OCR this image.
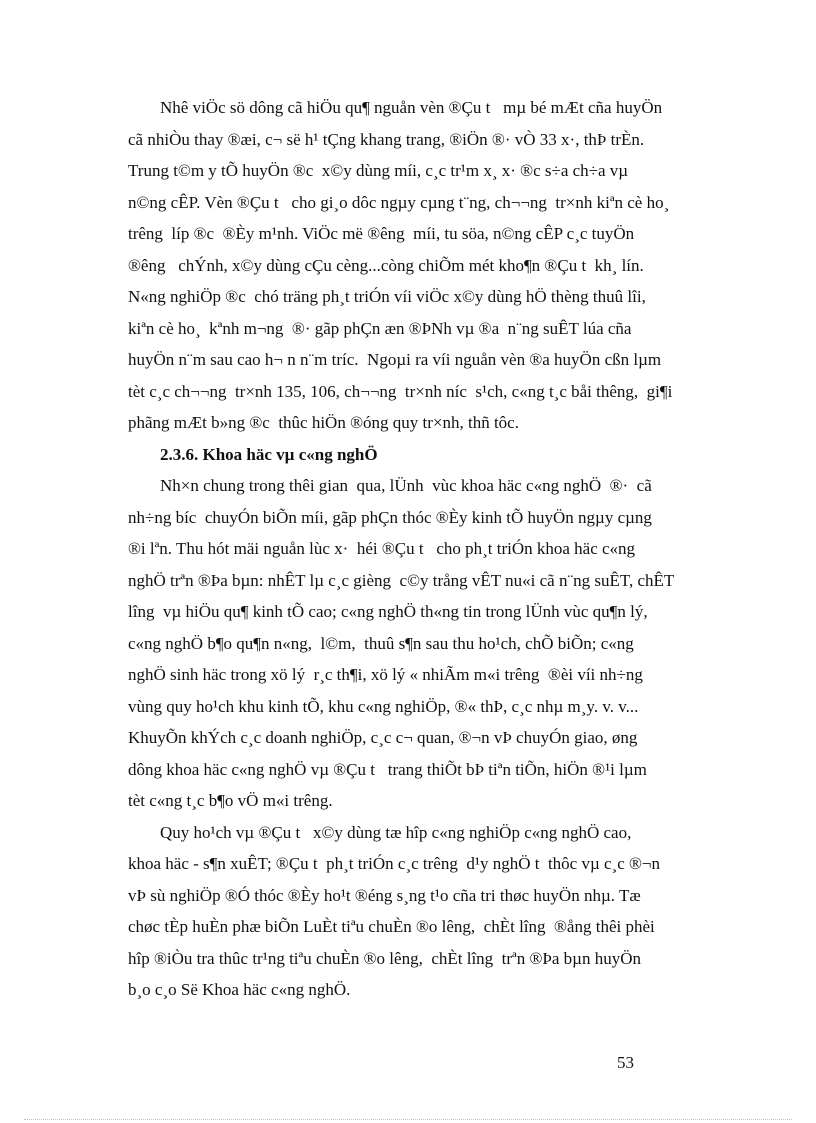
Nhê viÖc sö dông cã hiÖu qu¶ nguån vèn ®Çu t   mµ bé mÆt cña huyÖn
cã nhiÒu thay ®æi, c¬ së h¹ tÇng khang trang, ®iÖn ®· vÒ 33 x·, thÞ trÈn.
Trung t©m y tÕ huyÖn ®c  x©y dùng míi, c¸c tr¹m x¸ x· ®c s÷a ch÷a vµ
n©ng cÊP. Vèn ®Çu t   cho gi¸o dôc ngµy cµng t¨ng, ch¬¬ng  tr×nh kiªn cè ho¸
trêng  líp ®c  ®Èy m¹nh. ViÖc më ®êng  míi, tu söa, n©ng cÊP c¸c tuyÖn
®êng   chÝnh, x©y dùng cÇu cèng...còng chiÕm mét kho¶n ®Çu t  kh¸ lín.
N«ng nghiÖp ®c  chó träng ph¸t triÓn víi viÖc x©y dùng hÖ thèng thuû lîi,
kiªn cè ho¸  kªnh m¬ng  ®· gãp phÇn æn ®ÞNh vµ ®a  n¨ng suÊT lúa cña
huyÖn n¨m sau cao h¬ n n¨m tríc.  Ngoµi ra víi nguån vèn ®a huyÖn cßn lµm
tèt c¸c ch¬¬ng  tr×nh 135, 106, ch¬¬ng  tr×nh níc  s¹ch, c«ng t¸c båi thêng,  gi¶i
phãng mÆt b»ng ®c  thûc hiÖn ®óng quy tr×nh, thñ tôc.

2.3.6. Khoa häc vµ c«ng nghÖ

Nh×n chung trong thêi gian  qua, lÜnh  vùc khoa häc c«ng nghÖ  ®·  cã
nh÷ng bíc  chuyÓn biÕn míi, gãp phÇn thóc ®Èy kinh tÕ huyÖn ngµy cµng
®i lªn. Thu hót mäi nguån lùc x·  héi ®Çu t   cho ph¸t triÓn khoa häc c«ng
nghÖ trªn ®Þa bµn: nhÊT lµ c¸c gièng  c©y trång vÊT nu«i cã n¨ng suÊT, chÊT
lîng  vµ hiÖu qu¶ kinh tÕ cao; c«ng nghÖ th«ng tin trong lÜnh vùc qu¶n lý,
c«ng nghÖ b¶o qu¶n n«ng,  l©m,  thuû s¶n sau thu ho¹ch, chÕ biÕn; c«ng
nghÖ sinh häc trong xö lý  r¸c th¶i, xö lý « nhiÃm m«i trêng  ®èi víi nh÷ng
vùng quy ho¹ch khu kinh tÕ, khu c«ng nghiÖp, ®« thÞ, c¸c nhµ m¸y. v. v...
KhuyÕn khÝch c¸c doanh nghiÖp, c¸c c¬ quan, ®¬n vÞ chuyÓn giao, øng
dông khoa häc c«ng nghÖ vµ ®Çu t   trang thiÕt bÞ tiªn tiÕn, hiÖn ®¹i lµm
tèt c«ng t¸c b¶o vÖ m«i trêng.

Quy ho¹ch vµ ®Çu t   x©y dùng tæ hîp c«ng nghiÖp c«ng nghÖ cao,
khoa häc - s¶n xuÊT; ®Çu t  ph¸t triÓn c¸c trêng  d¹y nghÖ t  thôc vµ c¸c ®¬n
vÞ sù nghiÖp ®Ó thóc ®Èy ho¹t ®éng s¸ng t¹o cña tri thøc huyÖn nhµ. Tæ
chøc tÈp huÈn phæ biÕn LuÈt tiªu chuÈn ®o lêng,  chÈt lîng  ®ång thêi phèi
hîp ®iÒu tra thûc tr¹ng tiªu chuÈn ®o lêng,  chÈt lîng  trªn ®Þa bµn huyÖn
b¸o c¸o Së Khoa häc c«ng nghÖ.

53
